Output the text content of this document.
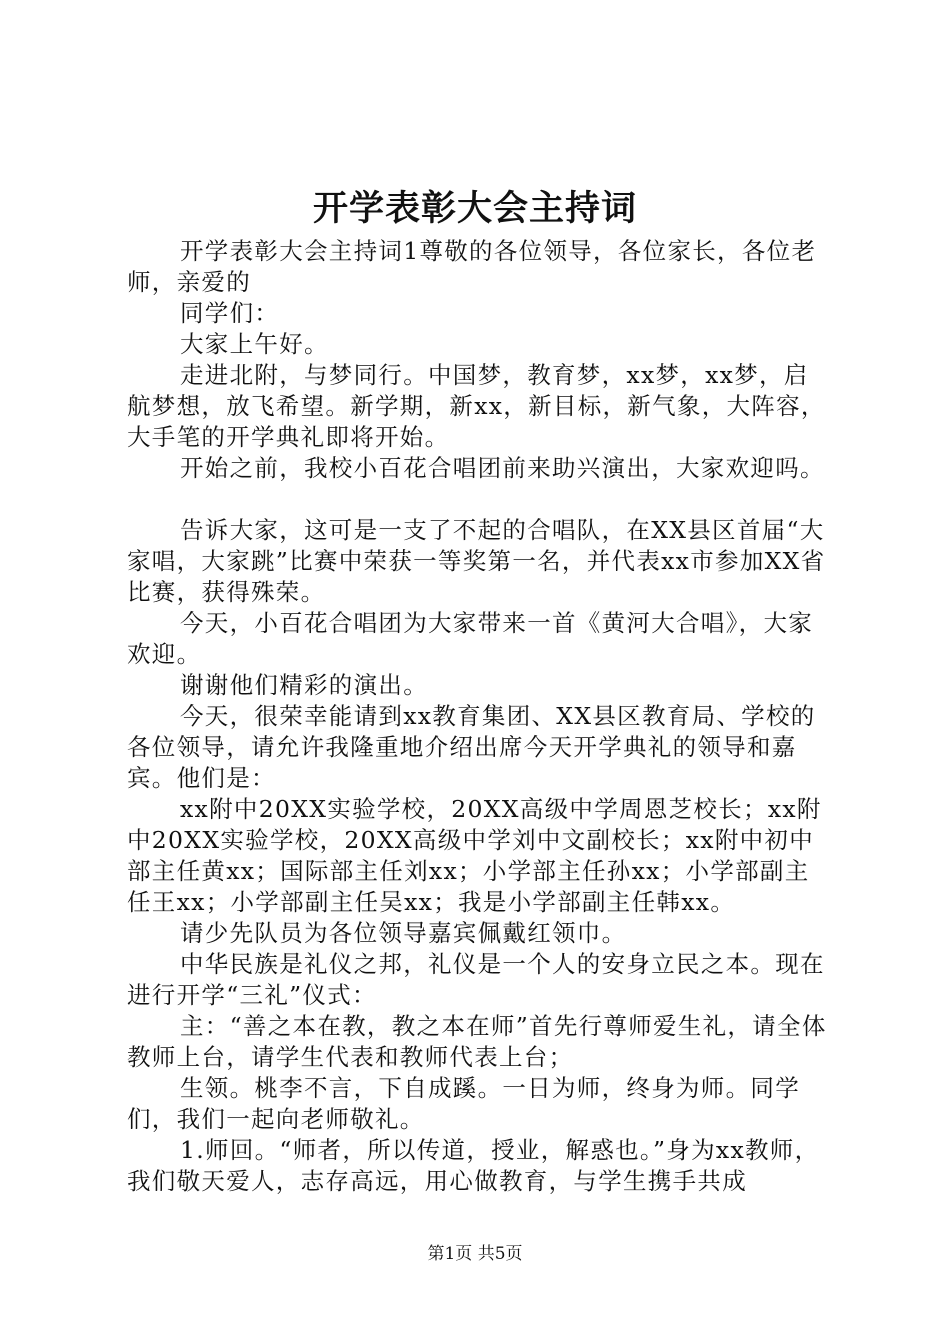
开学表彰大会主持词

开学表彰大会主持词1尊敬的各位领导，各位家长，各位老师，亲爱的

同学们：

大家上午好。

走进北附，与梦同行。中国梦，教育梦，xx梦，xx梦，启航梦想，放飞希望。新学期，新xx，新目标，新气象，大阵容，大手笔的开学典礼即将开始。

开始之前，我校小百花合唱团前来助兴演出，大家欢迎吗。

告诉大家，这可是一支了不起的合唱队，在XX县区首届“大家唱，大家跳”比赛中荣获一等奖第一名，并代表xx市参加XX省比赛，获得殊荣。

今天，小百花合唱团为大家带来一首《黄河大合唱》，大家欢迎。

谢谢他们精彩的演出。

今天，很荣幸能请到xx教育集团、XX县区教育局、学校的各位领导，请允许我隆重地介绍出席今天开学典礼的领导和嘉宾。他们是：

xx附中20XX实验学校，20XX高级中学周恩芝校长；xx附中20XX实验学校，20XX高级中学刘中文副校长；xx附中初中部主任黄xx；国际部主任刘xx；小学部主任孙xx；小学部副主任王xx；小学部副主任吴xx；我是小学部副主任韩xx。

请少先队员为各位领导嘉宾佩戴红领巾。

中华民族是礼仪之邦，礼仪是一个人的安身立民之本。现在进行开学“三礼”仪式：

主：“善之本在教，教之本在师”首先行尊师爱生礼，请全体教师上台，请学生代表和教师代表上台；

生领。桃李不言，下自成蹊。一日为师，终身为师。同学们，我们一起向老师敬礼。

1.师回。“师者，所以传道，授业，解惑也。”身为xx教师，我们敬天爱人，志存高远，用心做教育，与学生携手共成

第1页 共5页
